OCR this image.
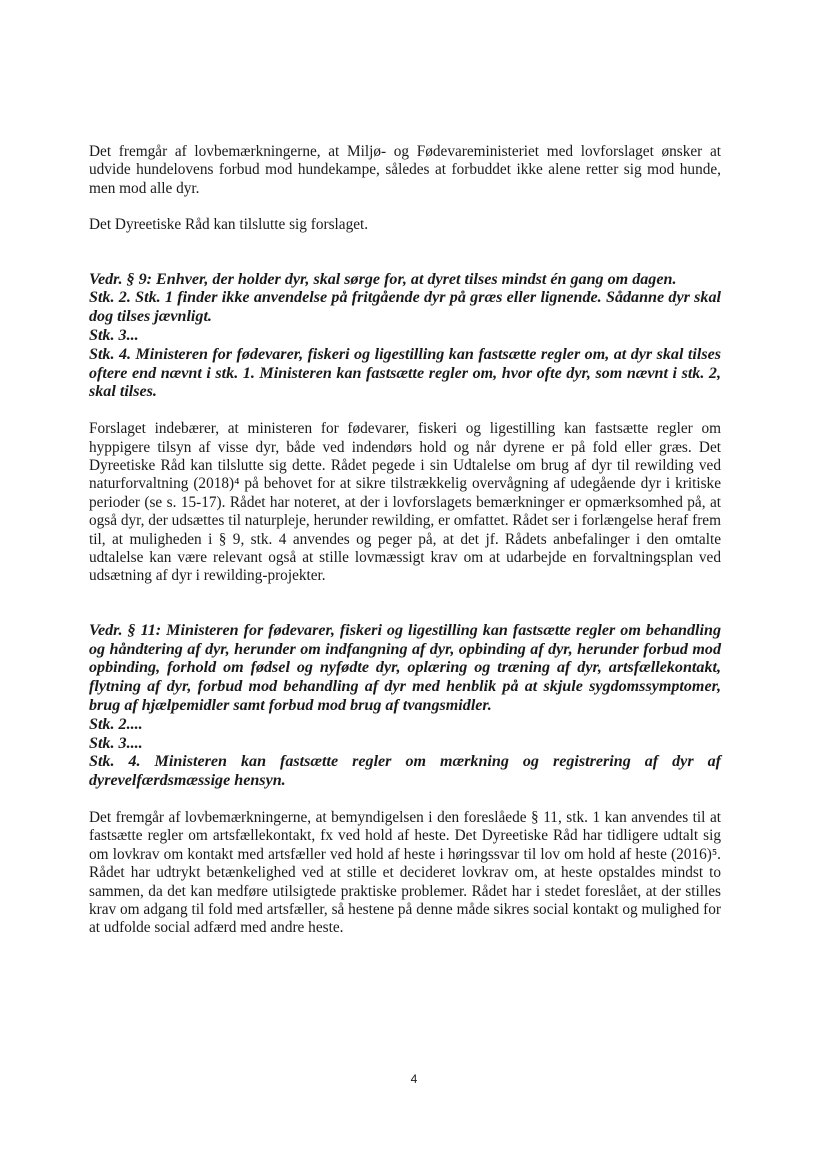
Det fremgår af lovbemærkningerne, at Miljø- og Fødevareministeriet med lovforslaget ønsker at udvide hundelovens forbud mod hundekampe, således at forbuddet ikke alene retter sig mod hunde, men mod alle dyr.

Det Dyreetiske Råd kan tilslutte sig forslaget.

Vedr. § 9: Enhver, der holder dyr, skal sørge for, at dyret tilses mindst én gang om dagen.

Stk. 2. Stk. 1 finder ikke anvendelse på fritgående dyr på græs eller lignende. Sådanne dyr skal dog tilses jævnligt.

Stk. 3...

Stk. 4. Ministeren for fødevarer, fiskeri og ligestilling kan fastsætte regler om, at dyr skal tilses oftere end nævnt i stk. 1. Ministeren kan fastsætte regler om, hvor ofte dyr, som nævnt i stk. 2, skal tilses.

Forslaget indebærer, at ministeren for fødevarer, fiskeri og ligestilling kan fastsætte regler om hyppigere tilsyn af visse dyr, både ved indendørs hold og når dyrene er på fold eller græs. Det Dyreetiske Råd kan tilslutte sig dette. Rådet pegede i sin Udtalelse om brug af dyr til rewilding ved naturforvaltning (2018)⁴ på behovet for at sikre tilstrækkelig overvågning af udegående dyr i kritiske perioder (se s. 15-17). Rådet har noteret, at der i lovforslagets bemærkninger er opmærksomhed på, at også dyr, der udsættes til naturpleje, herunder rewilding, er omfattet. Rådet ser i forlængelse heraf frem til, at muligheden i § 9, stk. 4 anvendes og peger på, at det jf. Rådets anbefalinger i den omtalte udtalelse kan være relevant også at stille lovmæssigt krav om at udarbejde en forvaltningsplan ved udsætning af dyr i rewilding-projekter.

Vedr. § 11: Ministeren for fødevarer, fiskeri og ligestilling kan fastsætte regler om behandling og håndtering af dyr, herunder om indfangning af dyr, opbinding af dyr, herunder forbud mod opbinding, forhold om fødsel og nyfødte dyr, oplæring og træning af dyr, artsfællekontakt, flytning af dyr, forbud mod behandling af dyr med henblik på at skjule sygdomssymptomer, brug af hjælpemidler samt forbud mod brug af tvangsmidler.

Stk. 2....

Stk. 3....

Stk. 4. Ministeren kan fastsætte regler om mærkning og registrering af dyr af dyrevelfærdsmæssige hensyn.

Det fremgår af lovbemærkningerne, at bemyndigelsen i den foreslåede § 11, stk. 1 kan anvendes til at fastsætte regler om artsfællekontakt, fx ved hold af heste. Det Dyreetiske Råd har tidligere udtalt sig om lovkrav om kontakt med artsfæller ved hold af heste i høringssvar til lov om hold af heste (2016)⁵. Rådet har udtrykt betænkelighed ved at stille et decideret lovkrav om, at heste opstaldes mindst to sammen, da det kan medføre utilsigtede praktiske problemer. Rådet har i stedet foreslået, at der stilles krav om adgang til fold med artsfæller, så hestene på denne måde sikres social kontakt og mulighed for at udfolde social adfærd med andre heste.

4
